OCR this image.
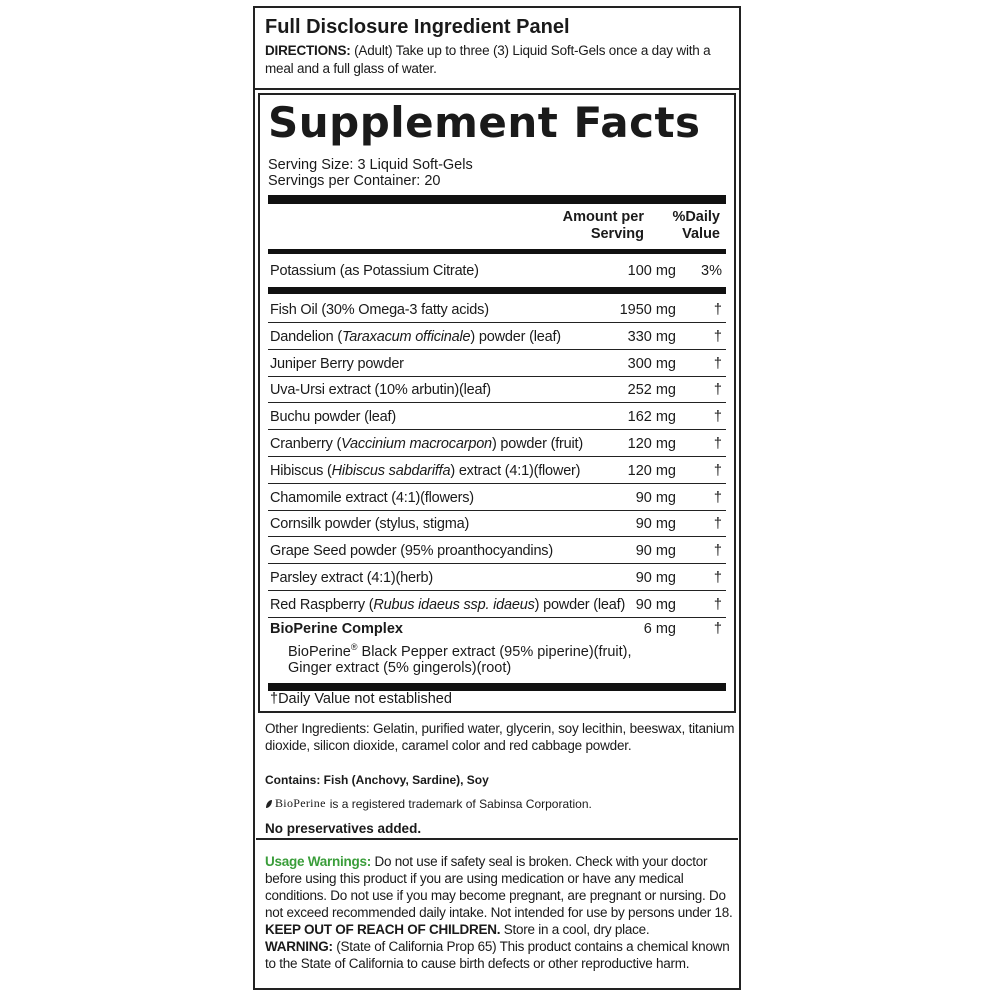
Full Disclosure Ingredient Panel
DIRECTIONS: (Adult) Take up to three (3) Liquid Soft-Gels once a day with a meal and a full glass of water.
Supplement Facts
Serving Size: 3 Liquid Soft-Gels
Servings per Container: 20
Amount per
Serving
%Daily
Value
Potassium (as Potassium Citrate)	100 mg 3%
Fish Oil (30% Omega-3 fatty acids)	1950 mg	†
Dandelion (Taraxacum officinale) powder (leaf)	330 mg	†
Juniper Berry powder	300 mg	†
Uva-Ursi extract (10% arbutin)(leaf)	252 mg	†
Buchu powder (leaf)	162 mg	†
Cranberry (Vaccinium macrocarpon) powder (fruit)	120 mg	†
Hibiscus (Hibiscus sabdariffa) extract (4:1)(flower)	120 mg	†
Chamomile extract (4:1)(flowers)	90 mg	†
Cornsilk powder (stylus, stigma)	90 mg	†
Grape Seed powder (95% proanthocyandins)	90 mg	†
Parsley extract (4:1)(herb)	90 mg	†
Red Raspberry (Rubus idaeus ssp. idaeus) powder (leaf) 90 mg	†
BioPerine Complex	6 mg	†
BioPerine® Black Pepper extract (95% piperine)(fruit),
Ginger extract (5% gingerols)(root)
†Daily Value not established
Other Ingredients: Gelatin, purified water, glycerin, soy lecithin, beeswax, titanium dioxide, silicon dioxide, caramel color and red cabbage powder.
Contains: Fish (Anchovy, Sardine), Soy
BioPerine is a registered trademark of Sabinsa Corporation.
No preservatives added.
Usage Warnings: Do not use if safety seal is broken. Check with your doctor before using this product if you are using medication or have any medical conditions. Do not use if you may become pregnant, are pregnant or nursing. Do not exceed recommended daily intake. Not intended for use by persons under 18. KEEP OUT OF REACH OF CHILDREN. Store in a cool, dry place.
WARNING: (State of California Prop 65) This product contains a chemical known to the State of California to cause birth defects or other reproductive harm.
